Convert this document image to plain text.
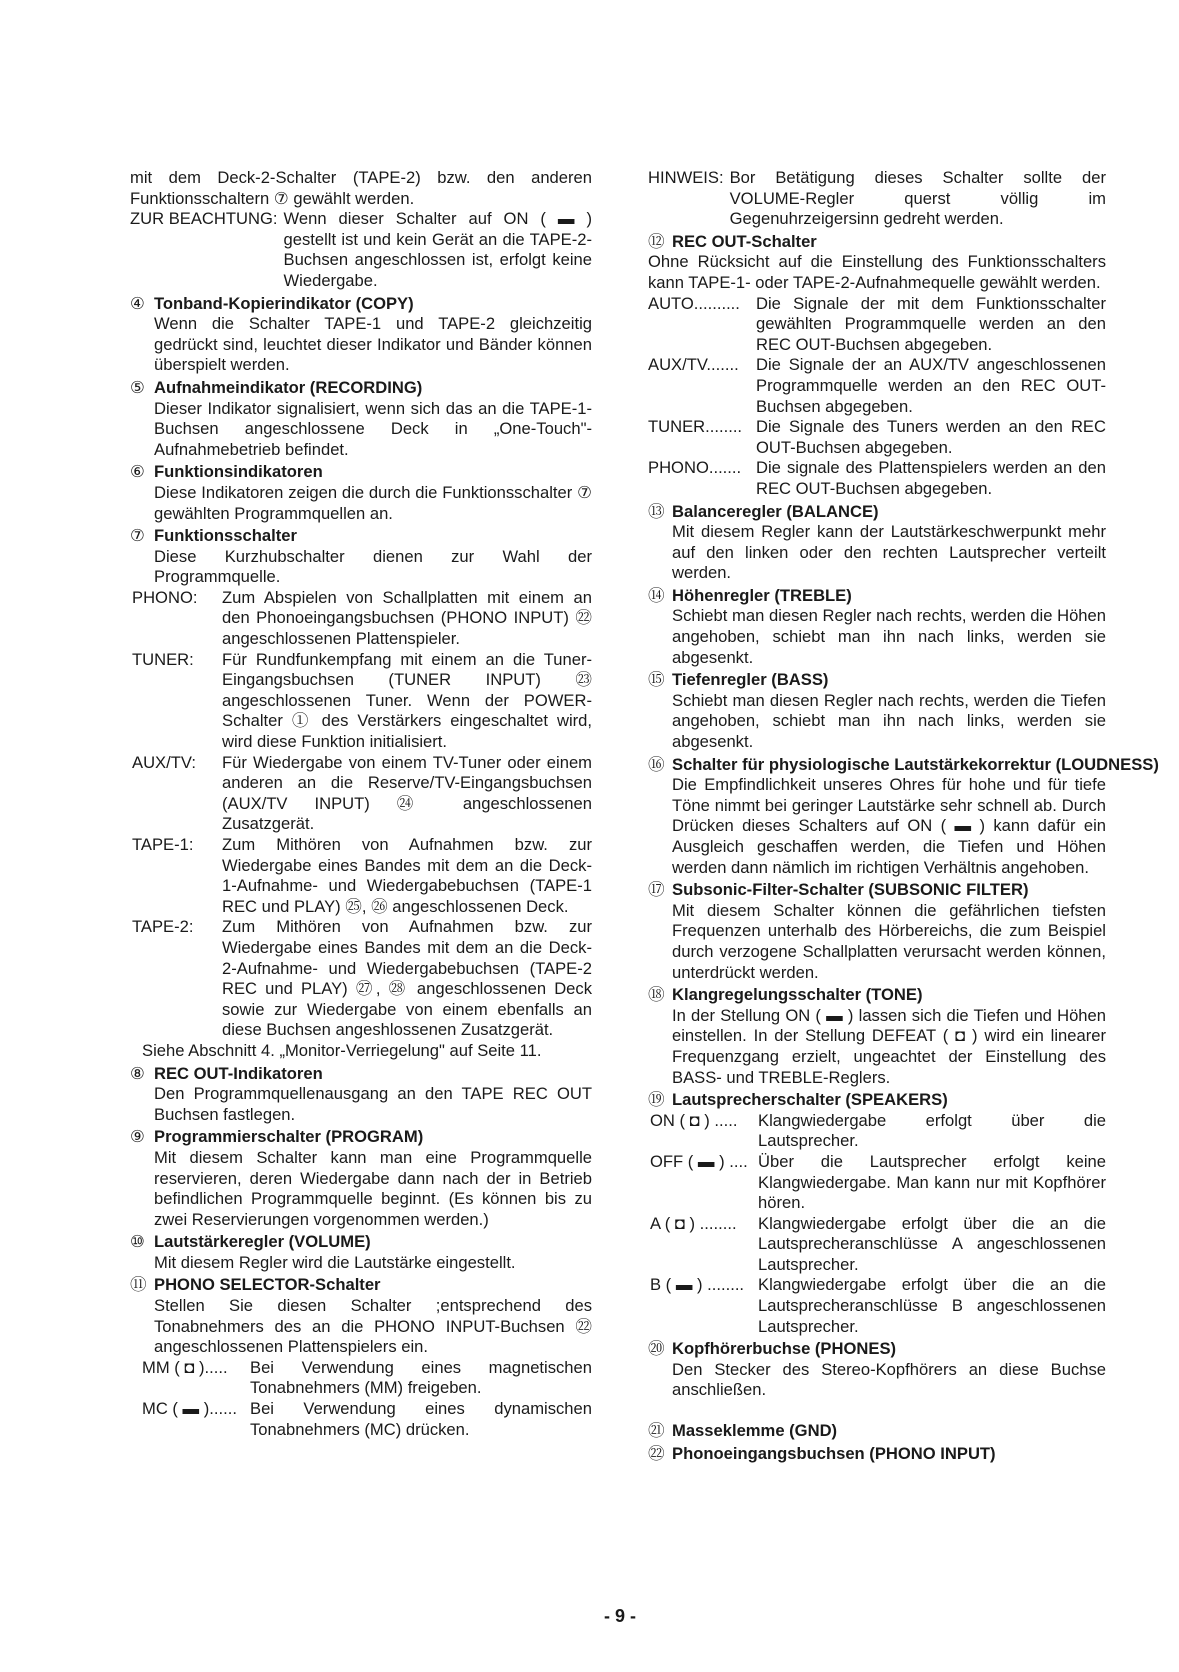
mit dem Deck-2-Schalter (TAPE-2) bzw. den anderen Funktionsschaltern ⑦ gewählt werden.

ZUR BEACHTUNG: Wenn dieser Schalter auf ON ( ▬ ) gestellt ist und kein Gerät an die TAPE-2-Buchsen angeschlossen ist, erfolgt keine Wiedergabe.

④ Tonband-Kopierindikator (COPY)

Wenn die Schalter TAPE-1 und TAPE-2 gleichzeitig gedrückt sind, leuchtet dieser Indikator und Bänder können überspielt werden.

⑤ Aufnahmeindikator (RECORDING)

Dieser Indikator signalisiert, wenn sich das an die TAPE-1-Buchsen angeschlossene Deck in „One-Touch"- Aufnahmebetrieb befindet.

⑥ Funktionsindikatoren

Diese Indikatoren zeigen die durch die Funktionsschalter ⑦ gewählten Programmquellen an.

⑦ Funktionsschalter

Diese Kurzhubschalter dienen zur Wahl der Programmquelle.

PHONO:	Zum Abspielen von Schallplatten mit einem an den Phonoeingangsbuchsen (PHONO INPUT) ㉒ angeschlossenen Plattenspieler.
TUNER:	Für Rundfunkempfang mit einem an die Tuner-Eingangsbuchsen (TUNER INPUT) ㉓ angeschlossenen Tuner. Wenn der POWER-Schalter ① des Verstärkers eingeschaltet wird, wird diese Funktion initialisiert.
AUX/TV:	Für Wiedergabe von einem TV-Tuner oder einem anderen an die Reserve/TV-Eingangsbuchsen (AUX/TV INPUT) ㉔ angeschlossenen Zusatzgerät.
TAPE-1:	Zum Mithören von Aufnahmen bzw. zur Wiedergabe eines Bandes mit dem an die Deck-1-Aufnahme- und Wiedergabebuchsen (TAPE-1 REC und PLAY) ㉕, ㉖ angeschlossenen Deck.
TAPE-2:	Zum Mithören von Aufnahmen bzw. zur Wiedergabe eines Bandes mit dem an die Deck-2-Aufnahme- und Wiedergabebuchsen (TAPE-2 REC und PLAY) ㉗, ㉘ angeschlossenen Deck sowie zur Wiedergabe von einem ebenfalls an diese Buchsen angeshlossenen Zusatzgerät.

Siehe Abschnitt 4. „Monitor-Verriegelung" auf Seite 11.

⑧ REC OUT-Indikatoren

Den Programmquellenausgang an den TAPE REC OUT Buchsen fastlegen.

⑨ Programmierschalter (PROGRAM)

Mit diesem Schalter kann man eine Programmquelle reservieren, deren Wiedergabe dann nach der in Betrieb befindlichen Programmquelle beginnt. (Es können bis zu zwei Reservierungen vorgenommen werden.)

⑩ Lautstärkeregler (VOLUME)

Mit diesem Regler wird die Lautstärke eingestellt.

⑪ PHONO SELECTOR-Schalter

Stellen Sie diesen Schalter ;entsprechend des Tonabnehmers des an die PHONO INPUT-Buchsen ㉒ angeschlossenen Plattenspielers ein.

MM ( ◘ ).....	Bei Verwendung eines magnetischen Tonabnehmers (MM) freigeben.
MC ( ▬ )...... Bei Verwendung eines dynamischen Tonabnehmers (MC) drücken.
HINWEIS: Bor Betätigung dieses Schalter sollte der VOLUME-Regler querst völlig im Gegenuhrzeigersinn gedreht werden.

⑫ REC OUT-Schalter

Ohne Rücksicht auf die Einstellung des Funktionsschalters kann TAPE-1- oder TAPE-2-Aufnahmequelle gewählt werden.

AUTO.......... Die Signale der mit dem Funktionsschalter gewählten Programmquelle werden an den REC OUT-Buchsen abgegeben.
AUX/TV.......	Die Signale der an AUX/TV angeschlossenen Programmquelle werden an den REC OUT-Buchsen abgegeben.
TUNER........ Die Signale des Tuners werden an den REC OUT-Buchsen abgegeben.
PHONO....... Die signale des Plattenspielers werden an den REC OUT-Buchsen abgegeben.

⑬ Balanceregler (BALANCE)

Mit diesem Regler kann der Lautstärkeschwerpunkt mehr auf den linken oder den rechten Lautsprecher verteilt werden.

⑭ Höhenregler (TREBLE)

Schiebt man diesen Regler nach rechts, werden die Höhen angehoben, schiebt man ihn nach links, werden sie abgesenkt.

⑮ Tiefenregler (BASS)

Schiebt man diesen Regler nach rechts, werden die Tiefen angehoben, schiebt man ihn nach links, werden sie abgesenkt.

⑯ Schalter für physiologische Lautstärkekorrektur (LOUDNESS)

Die Empfindlichkeit unseres Ohres für hohe und für tiefe Töne nimmt bei geringer Lautstärke sehr schnell ab. Durch Drücken dieses Schalters auf ON ( ▬ ) kann dafür ein Ausgleich geschaffen werden, die Tiefen und Höhen werden dann nämlich im richtigen Verhältnis angehoben.

⑰ Subsonic-Filter-Schalter (SUBSONIC FILTER)

Mit diesem Schalter können die gefährlichen tiefsten Frequenzen unterhalb des Hörbereichs, die zum Beispiel durch verzogene Schallplatten verursacht werden können, unterdrückt werden.

⑱ Klangregelungsschalter (TONE)

In der Stellung ON ( ▬ ) lassen sich die Tiefen und Höhen einstellen. In der Stellung DEFEAT ( ◘ ) wird ein linearer Frequenzgang erzielt, ungeachtet der Einstellung des BASS- und TREBLE-Reglers.

⑲ Lautsprecherschalter (SPEAKERS)

ON ( ◘ ) .....	Klangwiedergabe erfolgt über die Lautsprecher.
OFF ( ▬ ) .... Über die Lautsprecher erfolgt keine Klangwiedergabe. Man kann nur mit Kopfhörer hören.
A ( ◘ ) ........	Klangwiedergabe erfolgt über die an die Lautsprecheranschlüsse A angeschlossenen Lautsprecher.
B ( ▬ ) ........ Klangwiedergabe erfolgt über die an die Lautsprecheranschlüsse B angeschlossenen Lautsprecher.

⑳ Kopfhörerbuchse (PHONES)

Den Stecker des Stereo-Kopfhörers an diese Buchse anschließen.

㉑ Masseklemme (GND)

㉒ Phonoeingangsbuchsen (PHONO INPUT)

- 9 -
